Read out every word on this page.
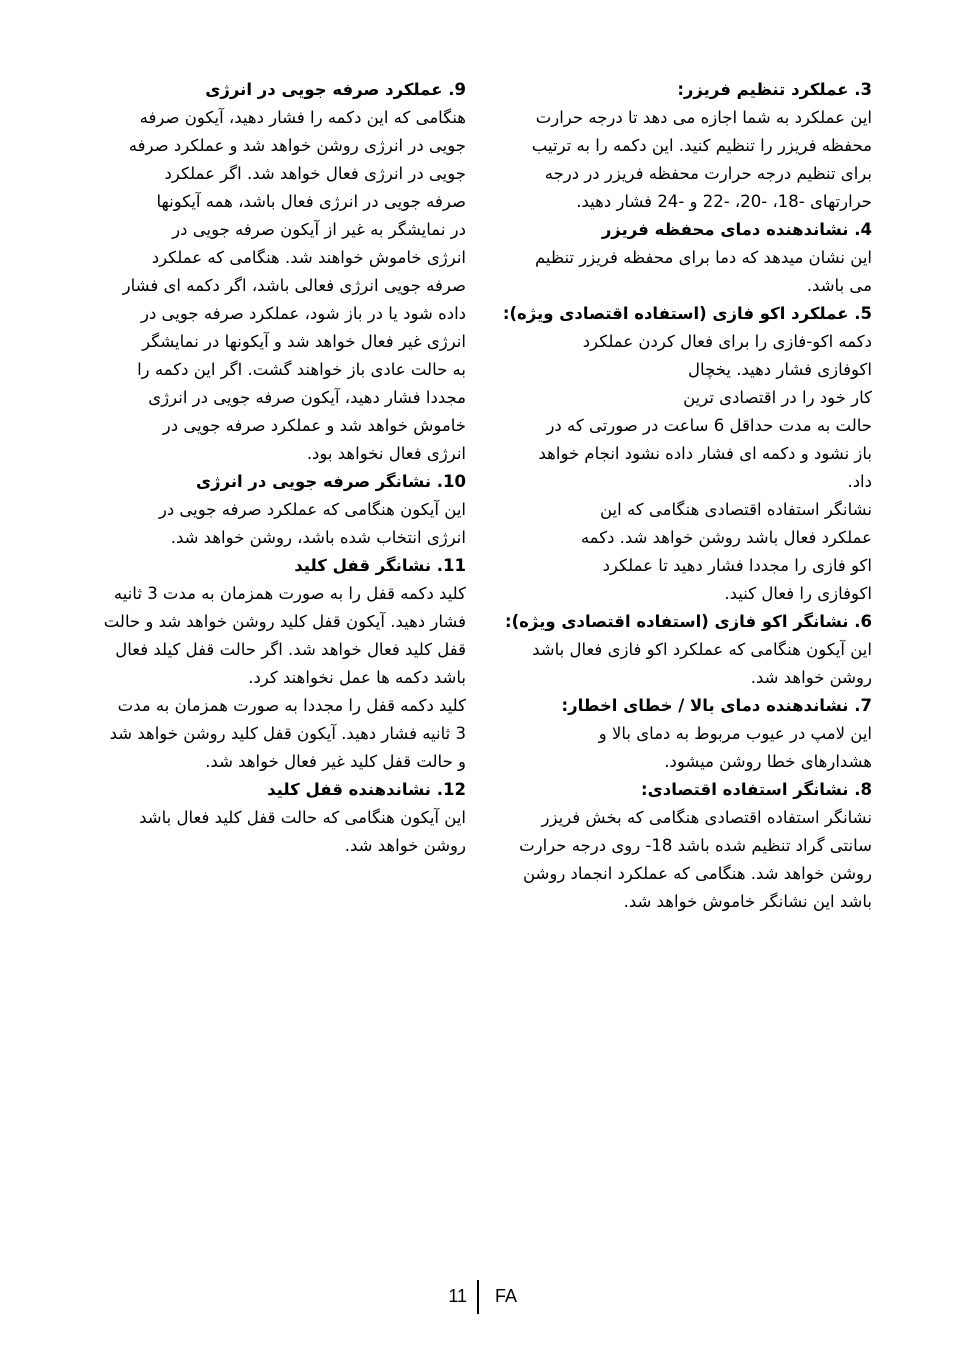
3. عملکرد تنظیم فریزر:
این عملکرد به شما اجازه می دهد تا درجه حرارت
محفظه فریزر را تنظیم کنید. این دکمه را به ترتیب
برای تنظیم درجه حرارت محفظه فریزر در درجه
حرارتهای -18، -20، -22 و -24 فشار دهید.
4. نشاندهنده دمای محفظه فریزر
این نشان میدهد که دما برای محفظه فریزر تنظیم
می باشد.
5. عملکرد اکو فازی (استفاده اقتصادی ویژه):
دکمه اکو-فازی را برای فعال کردن عملکرد
اکوفازی فشار دهید. یخچال
کار خود را در اقتصادی ترین
حالت به مدت حداقل 6 ساعت در صورتی که در
باز نشود و دکمه ای فشار داده نشود انجام خواهد
داد.
نشانگر استفاده اقتصادی هنگامی که این
عملکرد فعال باشد روشن خواهد شد. دکمه
اکو فازی را مجددا فشار دهید تا عملکرد
اکوفازی را فعال کنید.
6. نشانگر اکو فازی (استفاده اقتصادی ویژه):
این آیکون هنگامی که عملکرد اکو فازی فعال باشد
روشن خواهد شد.
7. نشاندهنده دمای بالا / خطای اخطار:
این لامپ در عیوب مربوط به دمای بالا و
هشدارهای خطا روشن میشود.
8. نشانگر استفاده اقتصادی:
نشانگر استفاده اقتصادی هنگامی که بخش فریزر
سانتی گراد تنظیم شده باشد 18- روی درجه حرارت
روشن خواهد شد. هنگامی که عملکرد انجماد روشن
باشد این نشانگر خاموش خواهد شد.
9. عملکرد صرفه جویی در انرژی
هنگامی که این دکمه را فشار دهید، آیکون صرفه
جویی در انرژی روشن خواهد شد و عملکرد صرفه
جویی در انرژی فعال خواهد شد. اگر عملکرد
صرفه جویی در انرژی فعال باشد، همه آیکونها
در نمایشگر به غیر از آیکون صرفه جویی در
انرژی خاموش خواهند شد. هنگامی که عملکرد
صرفه جویی انرژی فعالی باشد، اگر دکمه ای فشار
داده شود یا در باز شود، عملکرد صرفه جویی در
انرژی غیر فعال خواهد شد و آیکونها در نمایشگر
به حالت عادی باز خواهند گشت. اگر این دکمه را
مجددا فشار دهید، آیکون صرفه جویی در انرژی
خاموش خواهد شد و عملکرد صرفه جویی در
انرژی فعال نخواهد بود.
10. نشانگر صرفه جویی در انرژی
این آیکون هنگامی که عملکرد صرفه جویی در
انرژی انتخاب شده باشد، روشن خواهد شد.
11. نشانگر قفل کلید
کلید دکمه قفل را به صورت همزمان به مدت 3 ثانیه
فشار دهید. آیکون قفل کلید روشن خواهد شد و حالت
قفل کلید فعال خواهد شد. اگر حالت قفل کیلد فعال
باشد دکمه ها عمل نخواهند کرد.
کلید دکمه قفل را مجددا به صورت همزمان به مدت
3 ثانیه فشار دهید. آیکون قفل کلید روشن خواهد شد
و حالت قفل کلید غیر فعال خواهد شد.
12. نشاندهنده قفل کلید
این آیکون هنگامی که حالت قفل کلید فعال باشد
روشن خواهد شد.
11 FA
